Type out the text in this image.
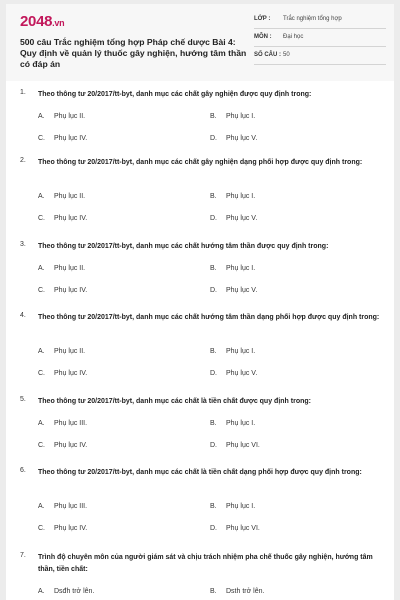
2048.vn
500 câu Trắc nghiệm tổng hợp Pháp chế dược Bài 4: Quy định về quản lý thuốc gây nghiện, hướng tâm thần có đáp án
LỚP : Trắc nghiệm tổng hợp
MÔN : Đại học
SỐ CÂU : 50
1. Theo thông tư 20/2017/tt-byt, danh mục các chất gây nghiện được quy định trong:
A. Phụ lục II.	B. Phụ lục I.
C. Phụ lục IV.	D. Phụ lục V.
2. Theo thông tư 20/2017/tt-byt, danh mục các chất gây nghiện dạng phối hợp được quy định trong:
A. Phụ lục II.	B. Phụ lục I.
C. Phụ lục IV.	D. Phụ lục V.
3. Theo thông tư 20/2017/tt-byt, danh mục các chất hướng tâm thần được quy định trong:
A. Phụ lục II.	B. Phụ lục I.
C. Phụ lục IV.	D. Phụ lục V.
4. Theo thông tư 20/2017/tt-byt, danh mục các chất hướng tâm thần dạng phối hợp được quy định trong:
A. Phụ lục II.	B. Phụ lục I.
C. Phụ lục IV.	D. Phụ lục V.
5. Theo thông tư 20/2017/tt-byt, danh mục các chất là tiền chất được quy định trong:
A. Phụ lục III.	B. Phụ lục I.
C. Phụ lục IV.	D. Phụ lục VI.
6. Theo thông tư 20/2017/tt-byt, danh mục các chất là tiền chất dạng phối hợp được quy định trong:
A. Phụ lục III.	B. Phụ lục I.
C. Phụ lục IV.	D. Phụ lục VI.
7. Trình độ chuyên môn của người giám sát và chịu trách nhiệm pha chế thuốc gây nghiện, hướng tâm thần, tiền chất:
A. Dsđh trở lên.	B. Dsth trở lên.
